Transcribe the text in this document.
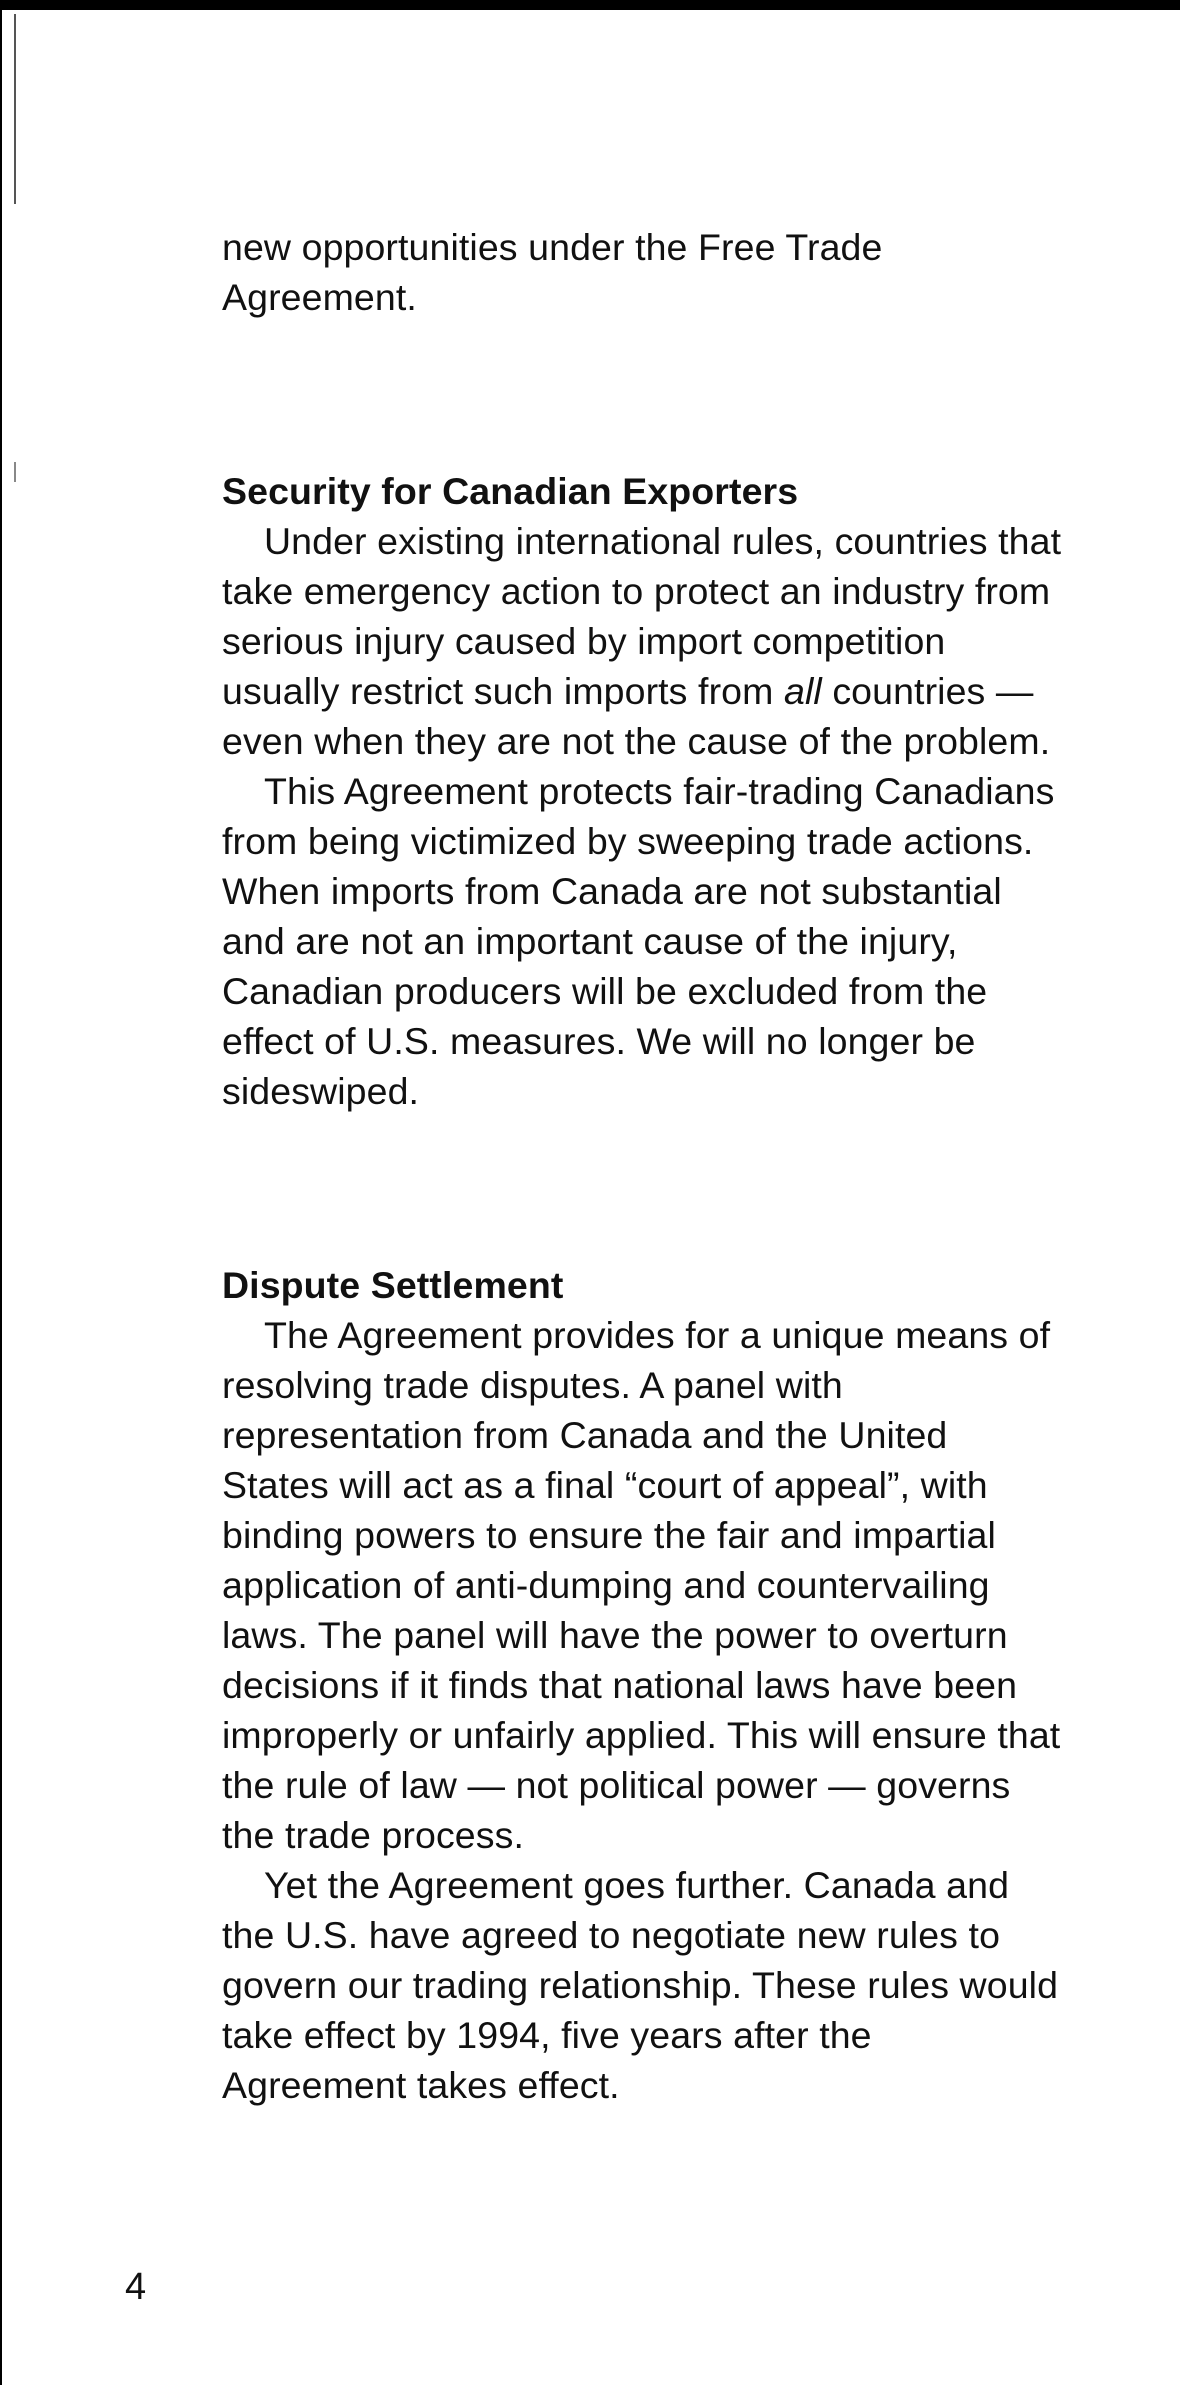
new opportunities under the Free Trade Agreement.

Security for Canadian Exporters

Under existing international rules, countries that take emergency action to protect an industry from serious injury caused by import competition usually restrict such imports from all countries — even when they are not the cause of the problem.

This Agreement protects fair-trading Canadians from being victimized by sweeping trade actions. When imports from Canada are not substantial and are not an important cause of the injury, Canadian producers will be excluded from the effect of U.S. measures. We will no longer be sideswiped.

Dispute Settlement

The Agreement provides for a unique means of resolving trade disputes. A panel with representation from Canada and the United States will act as a final “court of appeal”, with binding powers to ensure the fair and impartial application of anti-dumping and countervailing laws. The panel will have the power to overturn decisions if it finds that national laws have been improperly or unfairly applied. This will ensure that the rule of law — not political power — governs the trade process.

Yet the Agreement goes further. Canada and the U.S. have agreed to negotiate new rules to govern our trading relationship. These rules would take effect by 1994, five years after the Agreement takes effect.

4
